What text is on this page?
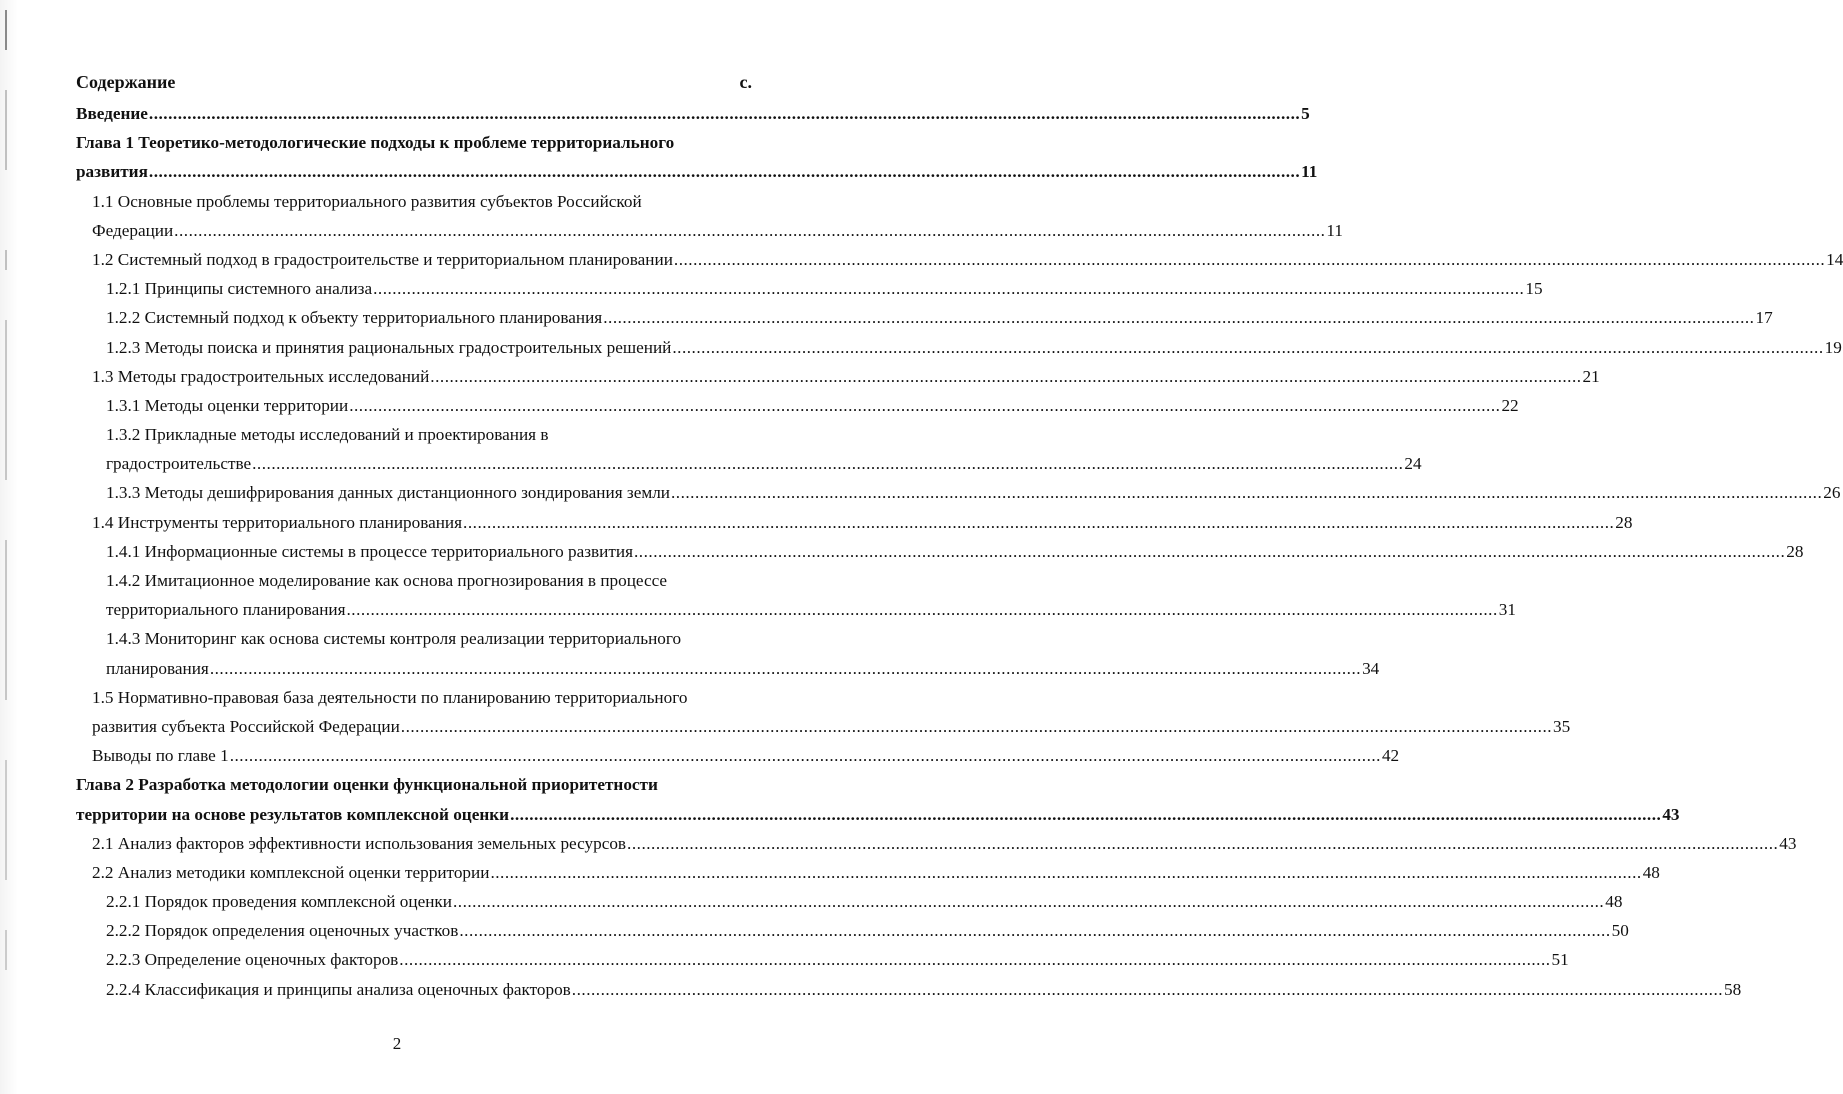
Содержание	с.
Введение ................................................................................................................................................................................................................................................ 5
Глава 1 Теоретико-методологические подходы к проблеме территориального
развития ................................................................................................................................................................................................................................................ 11
1.1 Основные проблемы территориального развития субъектов Российской
Федерации ................................................................................................................................................................................................................................................ 11
1.2 Системный подход в градостроительстве и территориальном планировании ................................................................................................................................................................................................................................................ 14
1.2.1 Принципы системного анализа ................................................................................................................................................................................................................................................ 15
1.2.2 Системный подход к объекту территориального планирования ................................................................................................................................................................................................................................................ 17
1.2.3 Методы поиска и принятия рациональных градостроительных решений ................................................................................................................................................................................................................................................ 19
1.3 Методы градостроительных исследований ................................................................................................................................................................................................................................................ 21
1.3.1 Методы оценки территории ................................................................................................................................................................................................................................................ 22
1.3.2 Прикладные методы исследований и проектирования в
градостроительстве ................................................................................................................................................................................................................................................ 24
1.3.3 Методы дешифрирования данных дистанционного зондирования земли ................................................................................................................................................................................................................................................ 26
1.4 Инструменты территориального планирования ................................................................................................................................................................................................................................................ 28
1.4.1 Информационные системы в процессе территориального развития ................................................................................................................................................................................................................................................ 28
1.4.2 Имитационное моделирование как основа прогнозирования в процессе
территориального планирования ................................................................................................................................................................................................................................................ 31
1.4.3 Мониторинг как основа системы контроля реализации территориального
планирования ................................................................................................................................................................................................................................................ 34
1.5 Нормативно-правовая база деятельности по планированию территориального
развития субъекта Российской Федерации ................................................................................................................................................................................................................................................ 35
Выводы по главе 1 ................................................................................................................................................................................................................................................ 42
Глава 2 Разработка методологии оценки функциональной приоритетности
территории на основе результатов комплексной оценки ................................................................................................................................................................................................................................................ 43
2.1 Анализ факторов эффективности использования земельных ресурсов ................................................................................................................................................................................................................................................ 43
2.2 Анализ методики комплексной оценки территории ................................................................................................................................................................................................................................................ 48
2.2.1 Порядок проведения комплексной оценки ................................................................................................................................................................................................................................................ 48
2.2.2 Порядок определения оценочных участков ................................................................................................................................................................................................................................................ 50
2.2.3 Определение оценочных факторов ................................................................................................................................................................................................................................................ 51
2.2.4 Классификация и принципы анализа оценочных факторов ................................................................................................................................................................................................................................................ 58
2
